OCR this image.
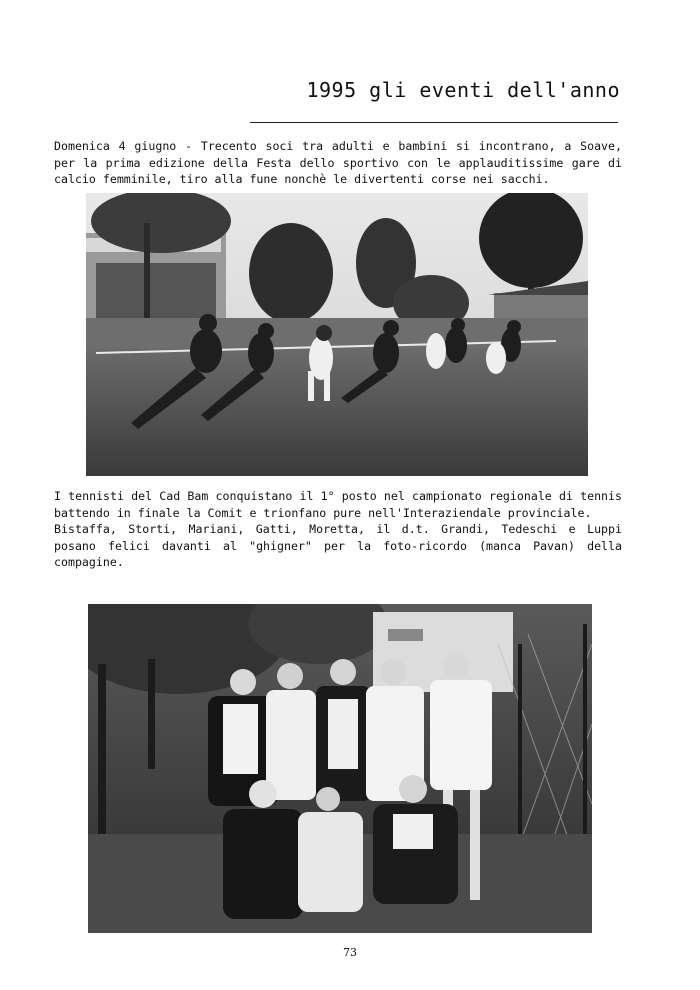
1995 gli eventi dell'anno

Domenica 4 giugno - Trecento soci tra adulti e bambini si incontrano, a Soave, per la prima edizione della Festa dello sportivo con le applauditissime gare di calcio femminile, tiro alla fune nonchè le divertenti corse nei sacchi.

I tennisti del Cad Bam conquistano il 1° posto nel campionato regionale di tennis battendo in finale la Comit e trionfano pure nell'Interaziendale provinciale.

Bistaffa, Storti, Mariani, Gatti, Moretta, il d.t. Grandi, Tedeschi e Luppi posano felici davanti al "ghigner" per la foto-ricordo (manca Pavan) della compagine.

73
